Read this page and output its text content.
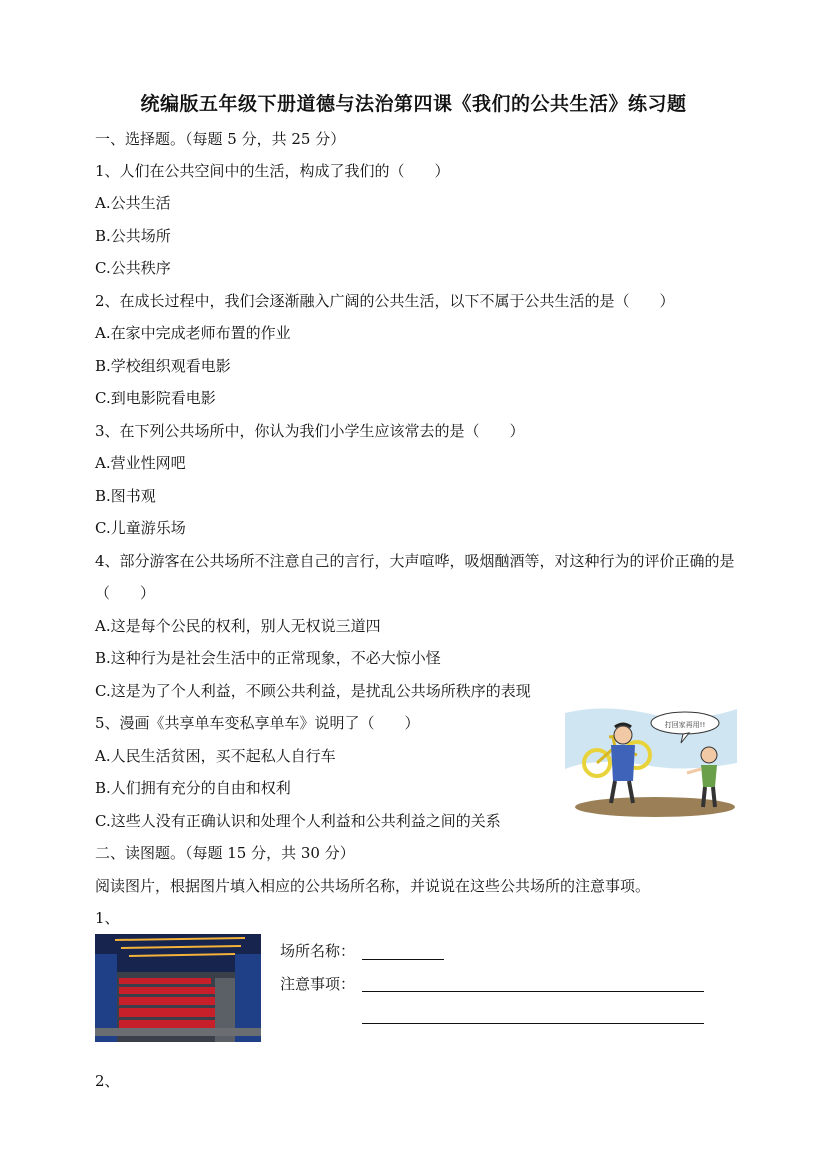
统编版五年级下册道德与法治第四课《我们的公共生活》练习题
一、选择题。（每题 5 分，共 25 分）
1、人们在公共空间中的生活，构成了我们的（　　）
A.公共生活
B.公共场所
C.公共秩序
2、在成长过程中，我们会逐渐融入广阔的公共生活，以下不属于公共生活的是（　　）
A.在家中完成老师布置的作业
B.学校组织观看电影
C.到电影院看电影
3、在下列公共场所中，你认为我们小学生应该常去的是（　　）
A.营业性网吧
B.图书观
C.儿童游乐场
4、部分游客在公共场所不注意自己的言行，大声喧哗，吸烟酗酒等，对这种行为的评价正确的是（　　）
A.这是每个公民的权利，别人无权说三道四
B.这种行为是社会生活中的正常现象，不必大惊小怪
C.这是为了个人利益，不顾公共利益，是扰乱公共场所秩序的表现
5、漫画《共享单车变私享单车》说明了（　　）
A.人民生活贫困，买不起私人自行车
B.人们拥有充分的自由和权利
C.这些人没有正确认识和处理个人利益和公共利益之间的关系
打回家再用!!
二、读图题。（每题 15 分，共 30 分）
阅读图片，根据图片填入相应的公共场所名称，并说说在这些公共场所的注意事项。
1、
场所名称：
注意事项：
2、
